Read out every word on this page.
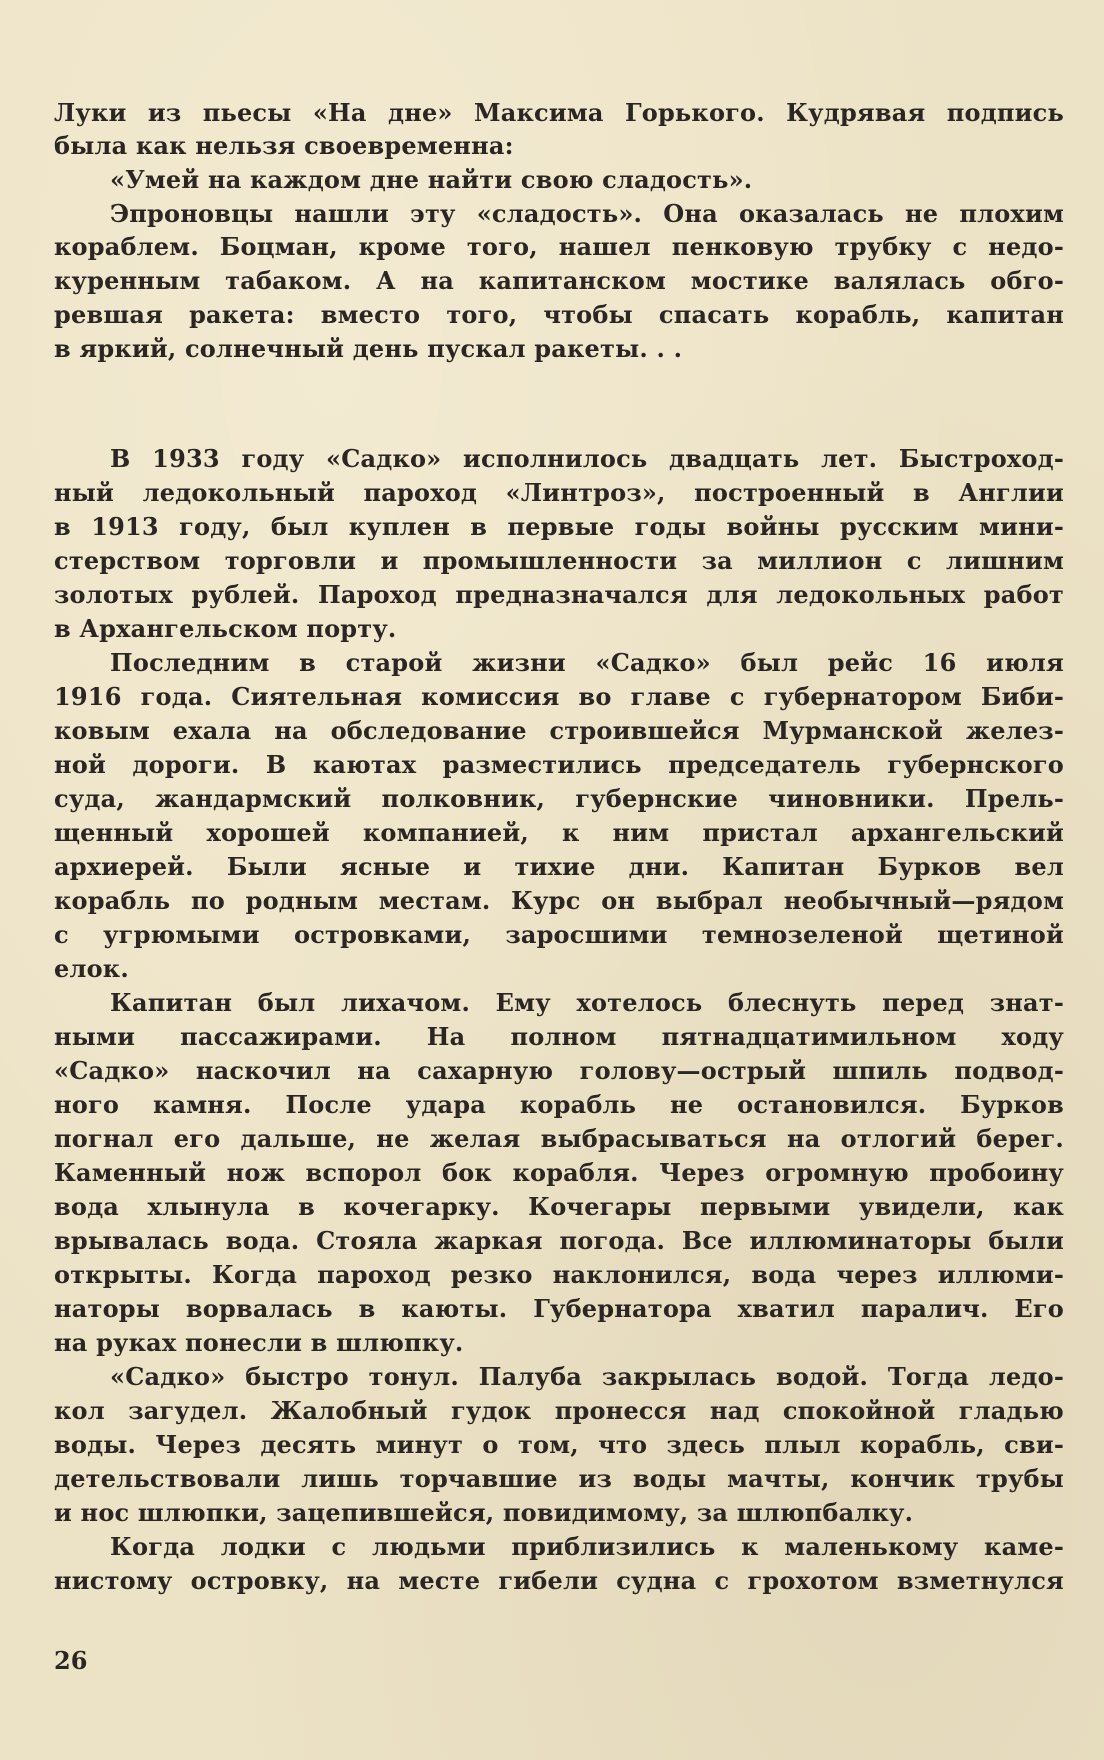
Луки из пьесы «На дне» Максима Горького. Кудрявая подпись
была как нельзя своевременна:
«Умей на каждом дне найти свою сладость».
Эпроновцы нашли эту «сладость». Она оказалась не плохим
кораблем. Боцман, кроме того, нашел пенковую трубку с недо-
куренным табаком. А на капитанском мостике валялась обго-
ревшая ракета: вместо того, чтобы спасать корабль, капитан
в яркий, солнечный день пускал ракеты. . .
В 1933 году «Садко» исполнилось двадцать лет. Быстроход-
ный ледокольный пароход «Линтроз», построенный в Англии
в 1913 году, был куплен в первые годы войны русским мини-
стерством торговли и промышленности за миллион с лишним
золотых рублей. Пароход предназначался для ледокольных работ
в Архангельском порту.
Последним в старой жизни «Садко» был рейс 16 июля
1916 года. Сиятельная комиссия во главе с губернатором Биби-
ковым ехала на обследование строившейся Мурманской желез-
ной дороги. В каютах разместились председатель губернского
суда, жандармский полковник, губернские чиновники. Прель-
щенный хорошей компанией, к ним пристал архангельский
архиерей. Были ясные и тихие дни. Капитан Бурков вел
корабль по родным местам. Курс он выбрал необычный—рядом
с угрюмыми островками, заросшими темнозеленой щетиной
елок.
Капитан был лихачом. Ему хотелось блеснуть перед знат-
ными пассажирами. На полном пятнадцатимильном ходу
«Садко» наскочил на сахарную голову—острый шпиль подвод-
ного камня. После удара корабль не остановился. Бурков
погнал его дальше, не желая выбрасываться на отлогий берег.
Каменный нож вспорол бок корабля. Через огромную пробоину
вода хлынула в кочегарку. Кочегары первыми увидели, как
врывалась вода. Стояла жаркая погода. Все иллюминаторы были
открыты. Когда пароход резко наклонился, вода через иллюми-
наторы ворвалась в каюты. Губернатора хватил паралич. Его
на руках понесли в шлюпку.
«Садко» быстро тонул. Палуба закрылась водой. Тогда ледо-
кол загудел. Жалобный гудок пронесся над спокойной гладью
воды. Через десять минут о том, что здесь плыл корабль, сви-
детельствовали лишь торчавшие из воды мачты, кончик трубы
и нос шлюпки, зацепившейся, повидимому, за шлюпбалку.
Когда лодки с людьми приблизились к маленькому каме-
нистому островку, на месте гибели судна с грохотом взметнулся
26
